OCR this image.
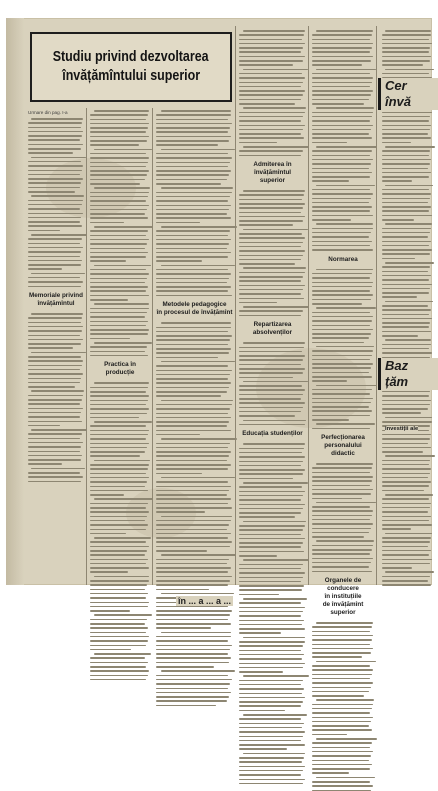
Studiu privind dezvoltarea
învățămîntului superior
Urmare din pag. I-a
Memoriale privind
învățămîntul
Practica în producție
Metodele pedagogice
în procesul de învățămînt
Admiterea în învățămîntul
superior
Repartizarea absolvenților
Educația studenților
Normarea
Perfecționarea
personalului didactic
Organele de conducere
în instituțiile
de învățămînt superior
Cer
învă
Baz
țăm
Investiții ale
în ... a ... a ...
